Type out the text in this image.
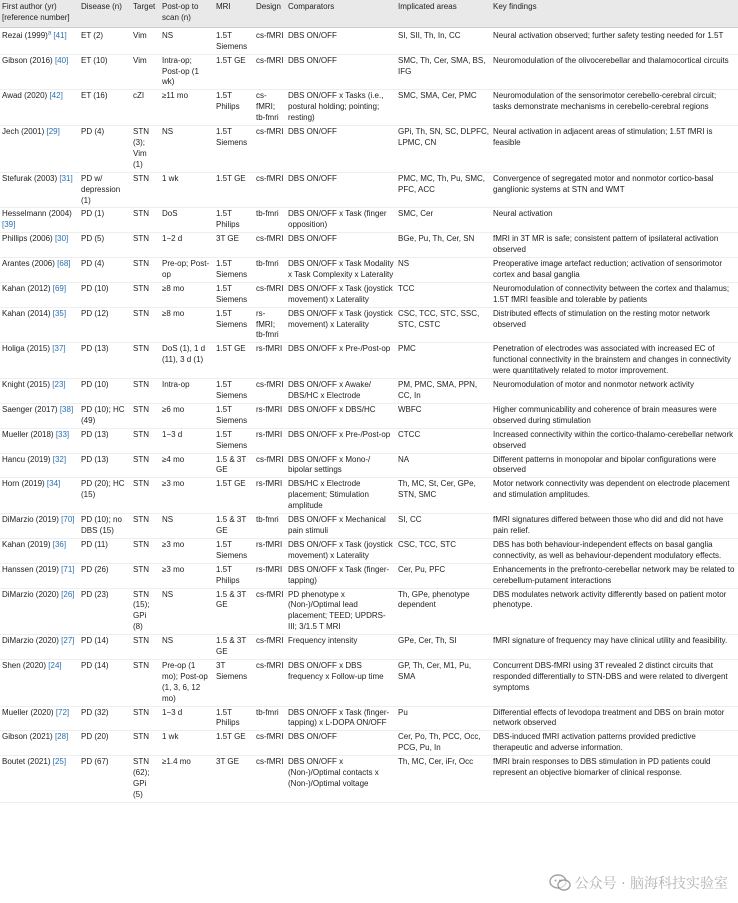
First author (yr) [reference number]	Disease (n)	Target	Post-op to scan (n)	MRI	Design	Comparators	Implicated areas	Key findings
Rezai $(1999)^a$ [41]	ET (2)	Vim	NS	1.5T Siemens	cs-fMRI	DBS ON/OFF	SI, SII, Th, In, CC	Neural activation observed; further safety testing needed for 1.5T
Gibson (2016) [40]	ET (10)	Vim	Intra-op; Post-op (1 wk)	1.5T GE	cs-fMRI	DBS ON/OFF	SMC, Th, Cer, SMA, BS, IFG	Neuromodulation of the olivocerebellar and thalamocortical circuits
Awad (2020) [42]	ET (16)	cZI	≥11 mo	1.5T Philips	cs-fMRI; tb-fmri	DBS ON/OFF x Tasks (i.e., postural holding; pointing; resting)	SMC, SMA, Cer, PMC	Neuromodulation of the sensorimotor cerebello-cerebral circuit; tasks demonstrate mechanisms in cerebello-cerebral regions
Jech (2001) [29]	PD (4)	STN (3); Vim (1)	NS	1.5T Siemens	cs-fMRI	DBS ON/OFF	GPi, Th, SN, SC, DLPFC, LPMC, CN	Neural activation in adjacent areas of stimulation; 1.5T fMRI is feasible
Stefurak (2003) [31]	PD w/ depression (1)	STN	1 wk	1.5T GE	cs-fMRI	DBS ON/OFF	PMC, MC, Th, Pu, SMC, PFC, ACC	Convergence of segregated motor and nonmotor cortico-basal ganglionic systems at STN and WMT
Hesselmann (2004) [39]	PD (1)	STN	DoS	1.5T Philips	tb-fmri	DBS ON/OFF x Task (finger opposition)	SMC, Cer	Neural activation
Phillips (2006) [30]	PD (5)	STN	1−2 d	3T GE	cs-fMRI	DBS ON/OFF	BGe, Pu, Th, Cer, SN	fMRI in 3T MR is safe; consistent pattern of ipsilateral activation observed
Arantes (2006) [68]	PD (4)	STN	Pre-op; Post-op	1.5T Siemens	tb-fmri	DBS ON/OFF x Task Modality x Task Complexity x Laterality	NS	Preoperative image artefact reduction; activation of sensorimotor cortex and basal ganglia
Kahan (2012) [69]	PD (10)	STN	≥8 mo	1.5T Siemens	cs-fMRI	DBS ON/OFF x Task (joystick movement) x Laterality	TCC	Neuromodulation of connectivity between the cortex and thalamus; 1.5T fMRI feasible and tolerable by patients
Kahan (2014) [35]	PD (12)	STN	≥8 mo	1.5T Siemens	rs-fMRI; tb-fmri	DBS ON/OFF x Task (joystick movement) x Laterality	CSC, TCC, STC, SSC, STC, CSTC	Distributed effects of stimulation on the resting motor network observed
Holiga (2015) [37]	PD (13)	STN	DoS (1), 1 d (11), 3 d (1)	1.5T GE	rs-fMRI	DBS ON/OFF x Pre-/Post-op	PMC	Penetration of electrodes was associated with increased EC of functional connectivity in the brainstem and changes in connectivity were quantitatively related to motor improvement.
Knight (2015) [23]	PD (10)	STN	Intra-op	1.5T Siemens	cs-fMRI	DBS ON/OFF x Awake/ DBS/HC x Electrode	PM, PMC, SMA, PPN, CC, In	Neuromodulation of motor and nonmotor network activity
Saenger (2017) [38]	PD (10); HC (49)	STN	≥6 mo	1.5T Siemens	rs-fMRI	DBS ON/OFF x DBS/HC	WBFC	Higher communicability and coherence of brain measures were observed during stimulation
Mueller (2018) [33]	PD (13)	STN	1−3 d	1.5T Siemens	rs-fMRI	DBS ON/OFF x Pre-/Post-op	CTCC	Increased connectivity within the cortico-thalamo-cerebellar network observed
Hancu (2019) [32]	PD (13)	STN	≥4 mo	1.5 & 3T GE	cs-fMRI	DBS ON/OFF x Mono-/ bipolar settings	NA	Different patterns in monopolar and bipolar configurations were observed
Horn (2019) [34]	PD (20); HC (15)	STN	≥3 mo	1.5T GE	rs-fMRI	DBS/HC x Electrode placement; Stimulation amplitude	Th, MC, St, Cer, GPe, STN, SMC	Motor network connectivity was dependent on electrode placement and stimulation amplitudes.
DiMarzio (2019) [70]	PD (10); no DBS (15)	STN	NS	1.5 & 3T GE	tb-fmri	DBS ON/OFF x Mechanical pain stimuli	SI, CC	fMRI signatures differed between those who did and did not have pain relief.
Kahan (2019) [36]	PD (11)	STN	≥3 mo	1.5T Siemens	rs-fMRI	DBS ON/OFF x Task (joystick movement) x Laterality	CSC, TCC, STC	DBS has both behaviour-independent effects on basal ganglia connectivity, as well as behaviour-dependent modulatory effects.
Hanssen (2019) [71]	PD (26)	STN	≥3 mo	1.5T Philips	rs-fMRI	DBS ON/OFF x Task (finger-tapping)	Cer, Pu, PFC	Enhancements in the prefronto-cerebellar network may be related to cerebellum-putament interactions
DiMarzio (2020) [26]	PD (23)	STN (15); GPi (8)	NS	1.5 & 3T GE	cs-fMRI	PD phenotype x (Non-)/Optimal lead placement; TEED; UPDRS-III; 3/1.5 T MRI	Th, GPe, phenotype dependent	DBS modulates network activity differently based on patient motor phenotype.
DiMarzio (2020) [27]	PD (14)	STN	NS	1.5 & 3T GE	cs-fMRI	Frequency intensity	GPe, Cer, Th, SI	fMRI signature of frequency may have clinical utility and feasibility.
Shen (2020) [24]	PD (14)	STN	Pre-op (1 mo); Post-op (1, 3, 6, 12 mo)	3T Siemens	cs-fMRI	DBS ON/OFF x DBS frequency x Follow-up time	GP, Th, Cer, M1, Pu, SMA	Concurrent DBS-fMRI using 3T revealed 2 distinct circuits that responded differentially to STN-DBS and were related to divergent symptoms
Mueller (2020) [72]	PD (32)	STN	1−3 d	1.5T Philips	tb-fmri	DBS ON/OFF x Task (finger-tapping) x L-DOPA ON/OFF	Pu	Differential effects of levodopa treatment and DBS on brain motor network observed
Gibson (2021) [28]	PD (20)	STN	1 wk	1.5T GE	cs-fMRI	DBS ON/OFF	Cer, Po, Th, PCC, Occ, PCG, Pu, In	DBS-induced fMRI activation patterns provided predictive therapeutic and adverse information.
Boutet (2021) [25]	PD (67)	STN (62); GPi (5)	≥1.4 mo	3T GE	cs-fMRI	DBS ON/OFF x (Non-)/Optimal contacts x (Non-)/Optimal voltage	Th, MC, Cer, iFr, Occ	fMRI brain responses to DBS stimulation in PD patients could represent an objective biomarker of clinical response.
公众号 · 脑海科技实验室
